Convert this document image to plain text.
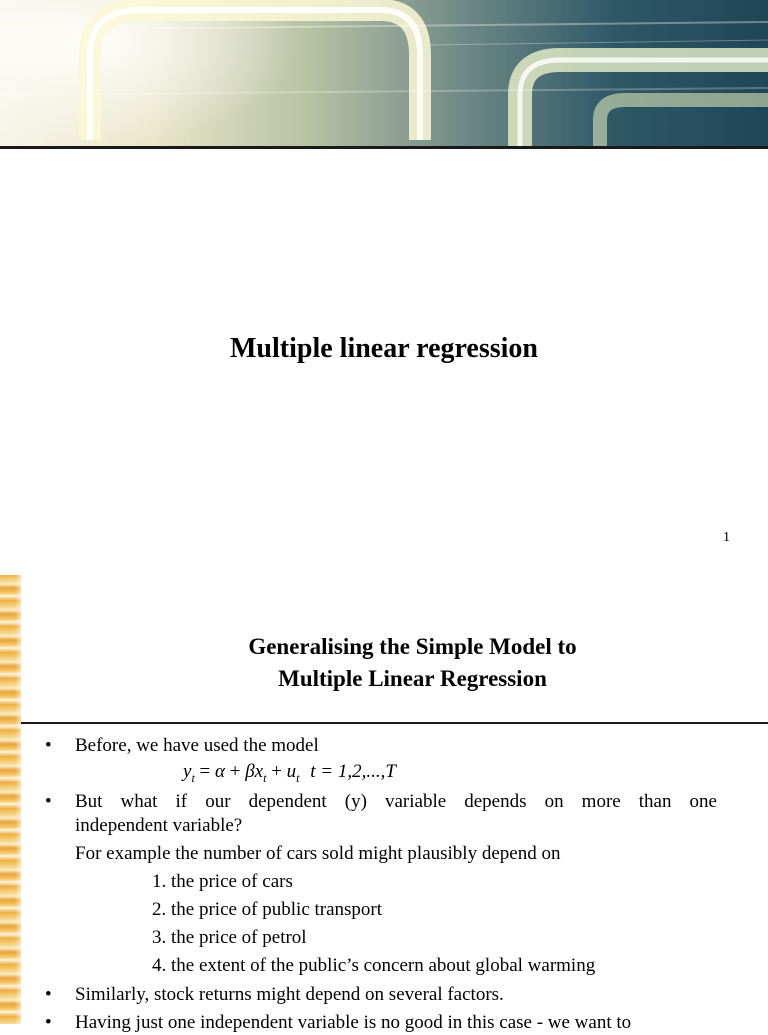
Multiple linear regression
1
Generalising the Simple Model to
Multiple Linear Regression
• Before, we have used the model
$y_t = \alpha + \beta x_t + u_t$ t = 1,2,...,T
• But what if our dependent (y) variable depends on more than one
independent variable?
For example the number of cars sold might plausibly depend on
1. the price of cars
2. the price of public transport
3. the price of petrol
4. the extent of the public’s concern about global warming
• Similarly, stock returns might depend on several factors.
• Having just one independent variable is no good in this case - we want to
